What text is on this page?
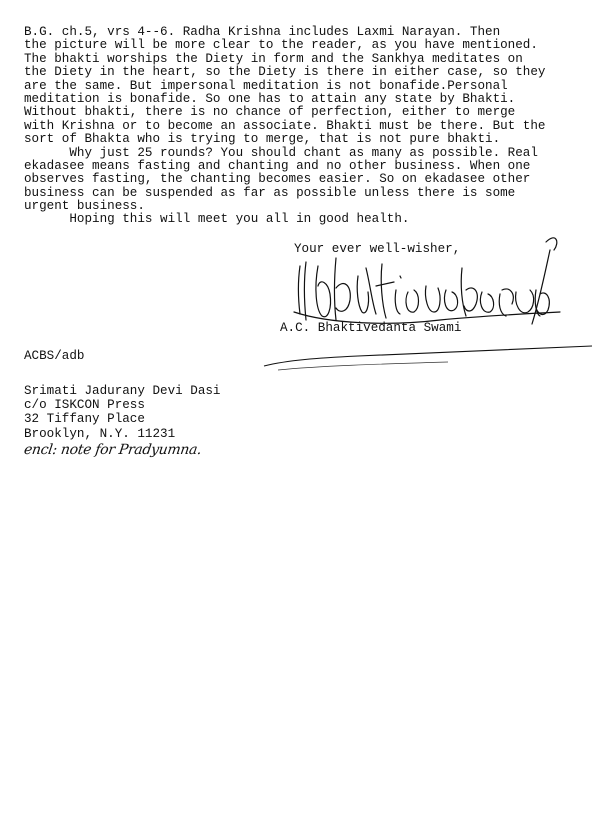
B.G. ch.5, vrs 4--6. Radha Krishna includes Laxmi Narayan. Then
the picture will be more clear to the reader, as you have mentioned.
The bhakti worships the Diety in form and the Sankhya meditates on
the Diety in the heart, so the Diety is there in either case, so they
are the same. But impersonal meditation is not bonafide.Personal
meditation is bonafide. So one has to attain any state by Bhakti.
Without bhakti, there is no chance of perfection, either to merge
with Krishna or to become an associate. Bhakti must be there. But the
sort of Bhakta who is trying to merge, that is not pure bhakti.
Why just 25 rounds? You should chant as many as possible. Real
ekadasee means fasting and chanting and no other business. When one
observes fasting, the chanting becomes easier. So on ekadasee other
business can be suspended as far as possible unless there is some
urgent business.
Hoping this will meet you all in good health.
Your ever well-wisher,
A.C. Bhaktivedanta Swami
ACBS/adb
Srimati Jadurany Devi Dasi
c/o ISKCON Press
32 Tiffany Place
Brooklyn, N.Y. 11231
encl: note for Pradyumna.
